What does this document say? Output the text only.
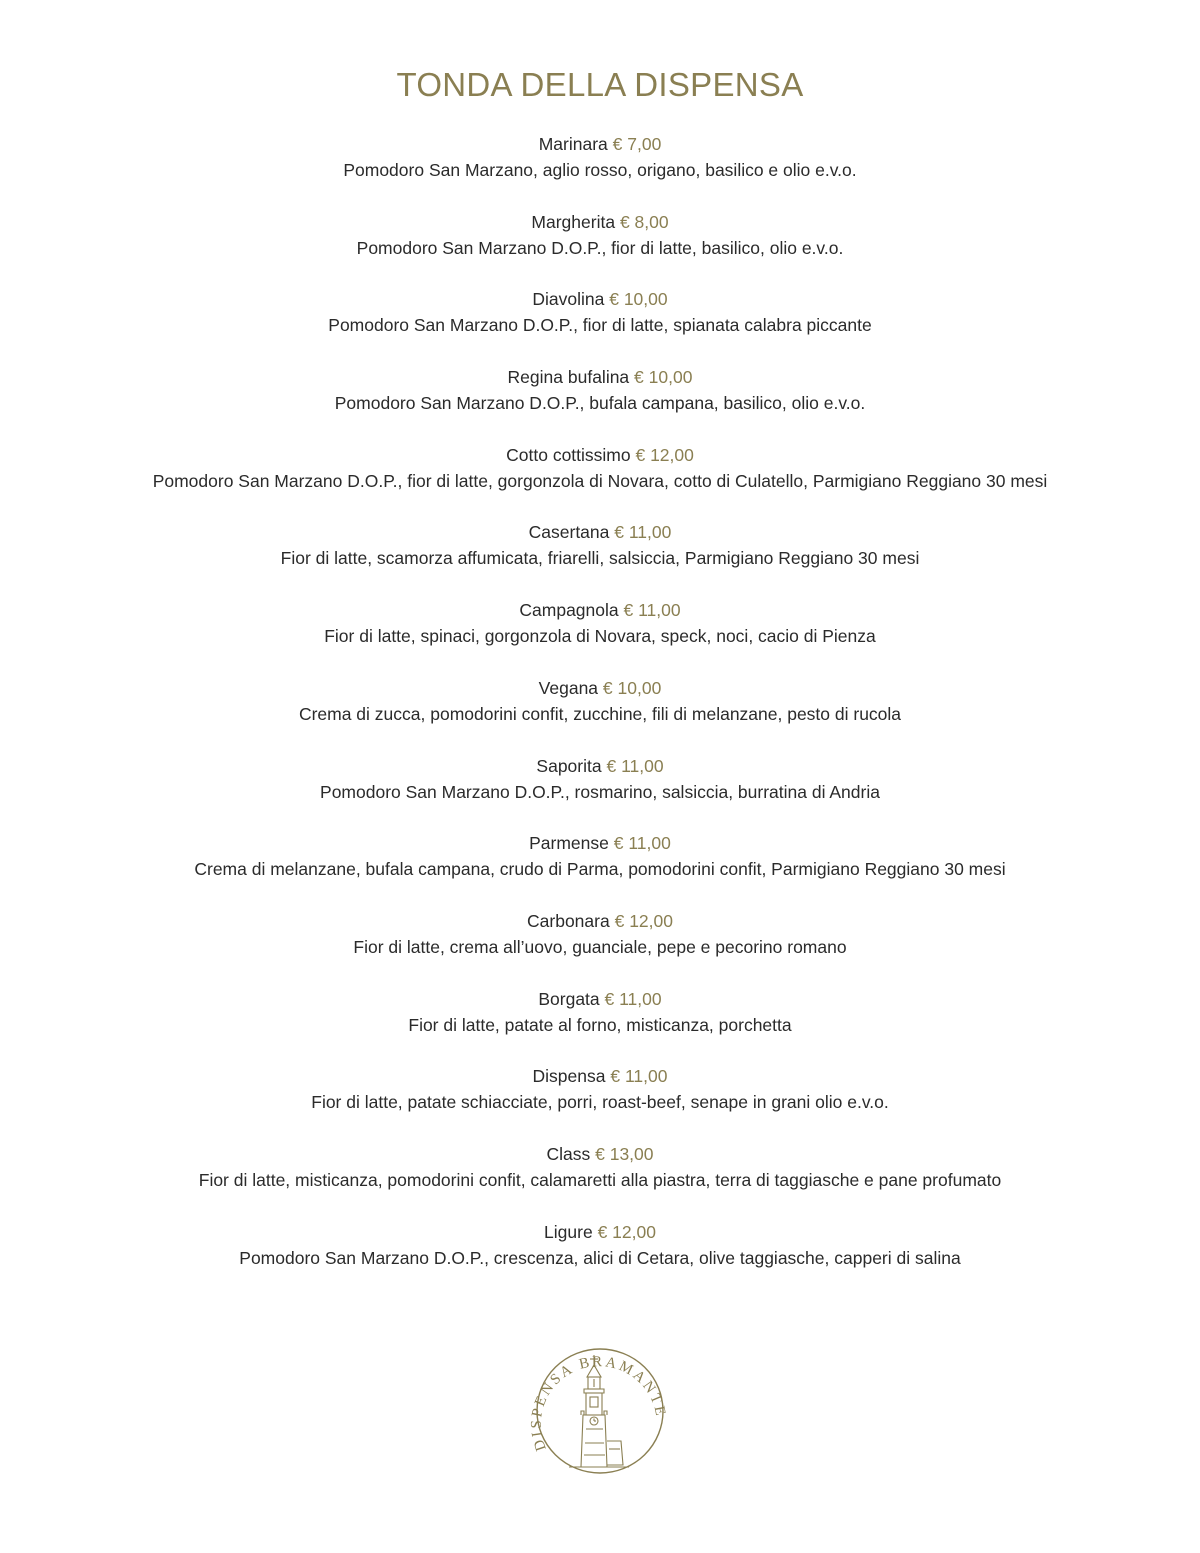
TONDA DELLA DISPENSA
Marinara € 7,00
Pomodoro San Marzano, aglio rosso, origano, basilico e olio e.v.o.
Margherita € 8,00
Pomodoro San Marzano D.O.P., fior di latte, basilico, olio e.v.o.
Diavolina € 10,00
Pomodoro San Marzano D.O.P., fior di latte, spianata calabra piccante
Regina bufalina € 10,00
Pomodoro San Marzano D.O.P., bufala campana, basilico, olio e.v.o.
Cotto cottissimo € 12,00
Pomodoro San Marzano D.O.P., fior di latte, gorgonzola di Novara, cotto di Culatello, Parmigiano Reggiano 30 mesi
Casertana € 11,00
Fior di latte, scamorza affumicata, friarelli, salsiccia, Parmigiano Reggiano 30 mesi
Campagnola € 11,00
Fior di latte, spinaci, gorgonzola di Novara, speck, noci, cacio di Pienza
Vegana € 10,00
Crema di zucca, pomodorini confit, zucchine, fili di melanzane, pesto di rucola
Saporita € 11,00
Pomodoro San Marzano D.O.P., rosmarino, salsiccia, burratina di Andria
Parmense € 11,00
Crema di melanzane, bufala campana, crudo di Parma, pomodorini confit, Parmigiano Reggiano 30 mesi
Carbonara € 12,00
Fior di latte, crema all’uovo, guanciale, pepe e pecorino romano
Borgata € 11,00
Fior di latte, patate al forno, misticanza, porchetta
Dispensa € 11,00
Fior di latte, patate schiacciate, porri, roast-beef, senape in grani olio e.v.o.
Class € 13,00
Fior di latte, misticanza, pomodorini confit, calamaretti alla piastra, terra di taggiasche e pane profumato
Ligure € 12,00
Pomodoro San Marzano D.O.P., crescenza, alici di Cetara, olive taggiasche, capperi di salina
DISPENSA BRAMANTE
